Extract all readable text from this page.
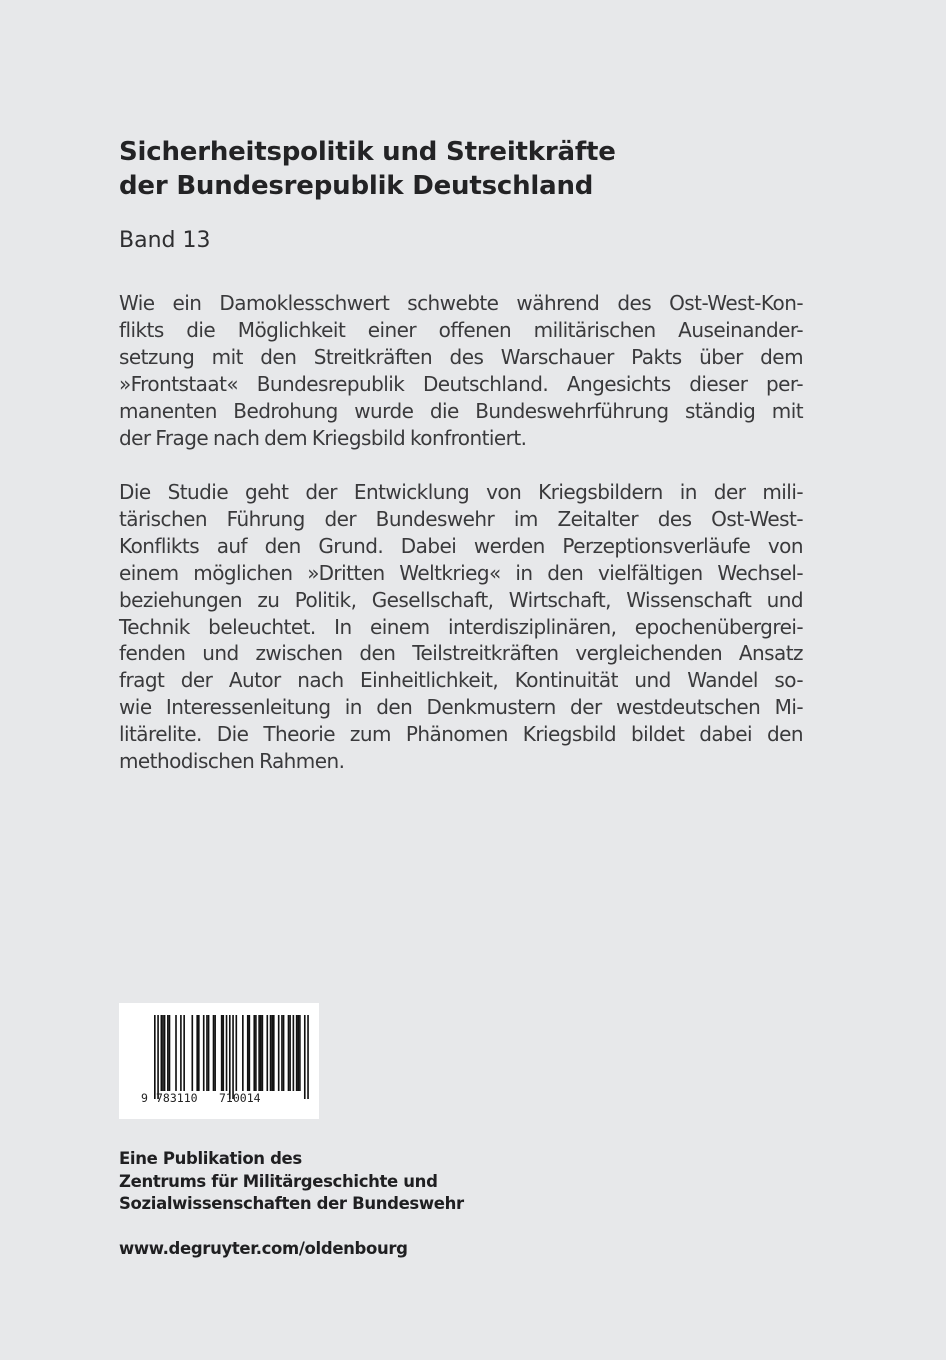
Sicherheitspolitik und Streitkräfte
der Bundesrepublik Deutschland
Band 13
Wie ein Damoklesschwert schwebte während des Ost-West-Kon-
flikts die Möglichkeit einer offenen militärischen Auseinander-
setzung mit den Streitkräften des Warschauer Pakts über dem
»Frontstaat« Bundesrepublik Deutschland. Angesichts dieser per-
manenten Bedrohung wurde die Bundeswehrführung ständig mit
der Frage nach dem Kriegsbild konfrontiert.
Die Studie geht der Entwicklung von Kriegsbildern in der mili-
tärischen Führung der Bundeswehr im Zeitalter des Ost-West-
Konflikts auf den Grund. Dabei werden Perzeptionsverläufe von
einem möglichen »Dritten Weltkrieg« in den vielfältigen Wechsel-
beziehungen zu Politik, Gesellschaft, Wirtschaft, Wissenschaft und
Technik beleuchtet. In einem interdisziplinären, epochenübergrei-
fenden und zwischen den Teilstreitkräften vergleichenden Ansatz
fragt der Autor nach Einheitlichkeit, Kontinuität und Wandel so-
wie Interessenleitung in den Denkmustern der westdeutschen Mi-
litärelite. Die Theorie zum Phänomen Kriegsbild bildet dabei den
methodischen Rahmen.
9 783110 710014
Eine Publikation des
Zentrums für Militärgeschichte und
Sozialwissenschaften der Bundeswehr
www.degruyter.com/oldenbourg
